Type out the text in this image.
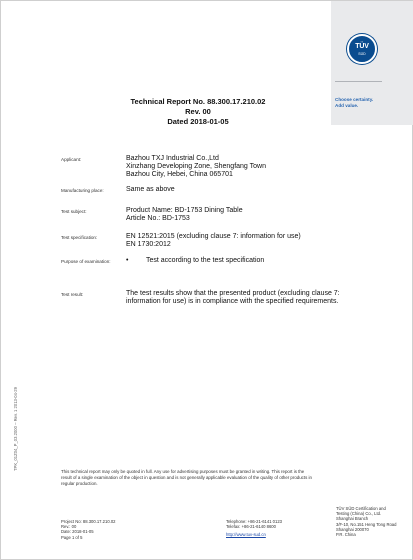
TÜV
SÜD
Choose certainty.
Add value.
Technical Report No. 88.300.17.210.02
Rev. 00
Dated 2018-01-05
Applicant:	Bazhou TXJ Industrial Co.,Ltd
Xinzhang Developing Zone, Shengfang Town
Bazhou City, Hebei, China 065701
Manufacturing place:	Same as above
Test subject:	Product Name: BD-1753 Dining Table
Article No.: BD-1753
Test specification:	EN 12521:2015 (excluding clause 7: information for use)
EN 1730:2012
Purpose of examination: •	Test according to the test specification
Test result:	The test results show that the presented product (excluding clause 7:
information for use) is in compliance with the specified requirements.
TPK_01Z04_P_03.2000 – Rev. 1 2013-04-29
This technical report may only be quoted in full. Any use for advertising purposes must be granted in writing. This report is the
result of a single examination of the object in question and is not generally applicable evaluation of the quality of other products in
regular production.
Project No: 88.300.17.210.02
Rev.: 00
Date: 2018-01-05
Page 1 of 5
Telephone: +86-21-6141 0123
Telefax: +86-21-6140 8600
http://www.tuv-sud.cn
TÜV SÜD Certification and
Testing (China) Co., Ltd.
Shanghai Branch
3/F-10, No.151 Heng Tong Road
Shanghai 200070
P.R. China
